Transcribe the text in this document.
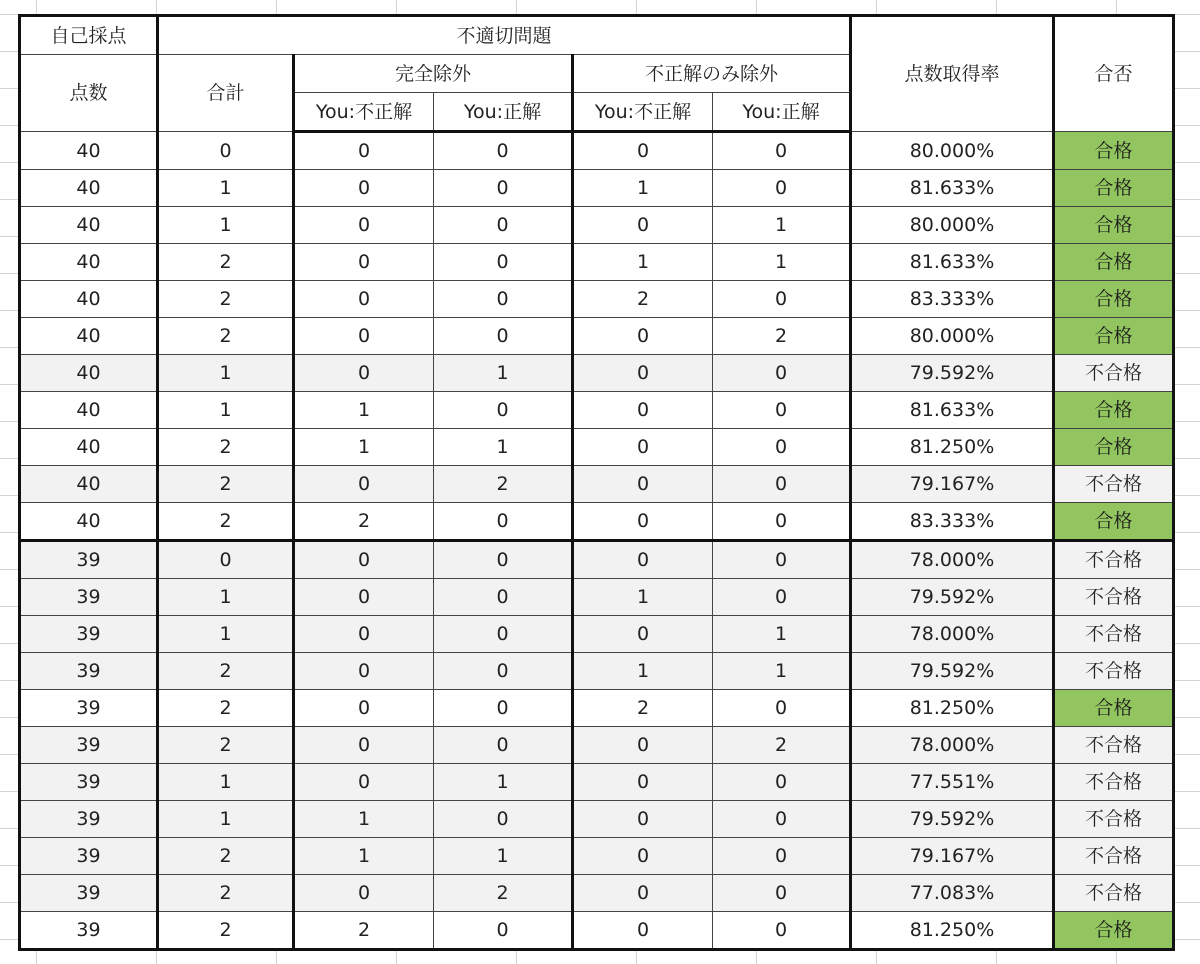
自己採点	不適切問題					点数取得率	合否
点数	合計	完全除外		不正解のみ除外			
		You:不正解	You:正解	You:不正解	You:正解		
40	0	0	0	0	0	80.000%	合格
40	1	0	0	1	0	81.633%	合格
40	1	0	0	0	1	80.000%	合格
40	2	0	0	1	1	81.633%	合格
40	2	0	0	2	0	83.333%	合格
40	2	0	0	0	2	80.000%	合格
40	1	0	1	0	0	79.592%	不合格
40	1	1	0	0	0	81.633%	合格
40	2	1	1	0	0	81.250%	合格
40	2	0	2	0	0	79.167%	不合格
40	2	2	0	0	0	83.333%	合格
39	0	0	0	0	0	78.000%	不合格
39	1	0	0	1	0	79.592%	不合格
39	1	0	0	0	1	78.000%	不合格
39	2	0	0	1	1	79.592%	不合格
39	2	0	0	2	0	81.250%	合格
39	2	0	0	0	2	78.000%	不合格
39	1	0	1	0	0	77.551%	不合格
39	1	1	0	0	0	79.592%	不合格
39	2	1	1	0	0	79.167%	不合格
39	2	0	2	0	0	77.083%	不合格
39	2	2	0	0	0	81.250%	合格
